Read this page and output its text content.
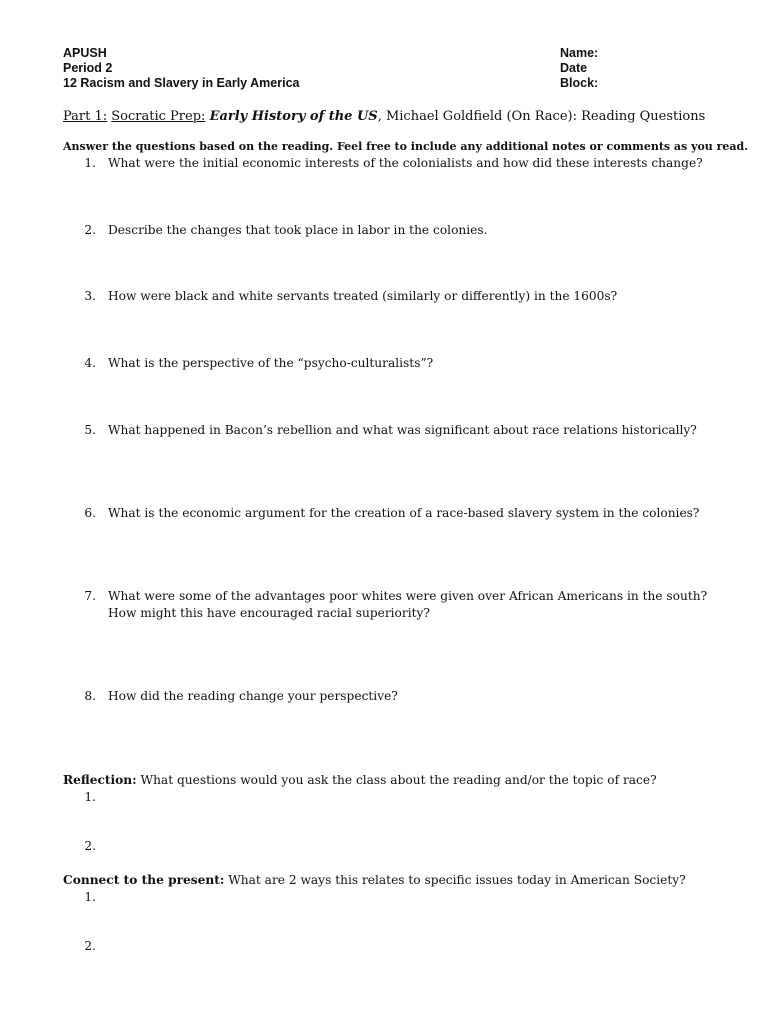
APUSH
Period 2
12 Racism and Slavery in Early America
Name:
Date
Block:
Part 1: Socratic Prep: Early History of the US, Michael Goldfield (On Race): Reading Questions
Answer the questions based on the reading. Feel free to include any additional notes or comments as you read.
1. What were the initial economic interests of the colonialists and how did these interests change?
2. Describe the changes that took place in labor in the colonies.
3. How were black and white servants treated (similarly or differently) in the 1600s?
4. What is the perspective of the “psycho-culturalists”?
5. What happened in Bacon’s rebellion and what was significant about race relations historically?
6. What is the economic argument for the creation of a race-based slavery system in the colonies?
7. What were some of the advantages poor whites were given over African Americans in the south? How might this have encouraged racial superiority?
8. How did the reading change your perspective?
Reflection: What questions would you ask the class about the reading and/or the topic of race?
1.
2.
Connect to the present: What are 2 ways this relates to specific issues today in American Society?
1.
2.
